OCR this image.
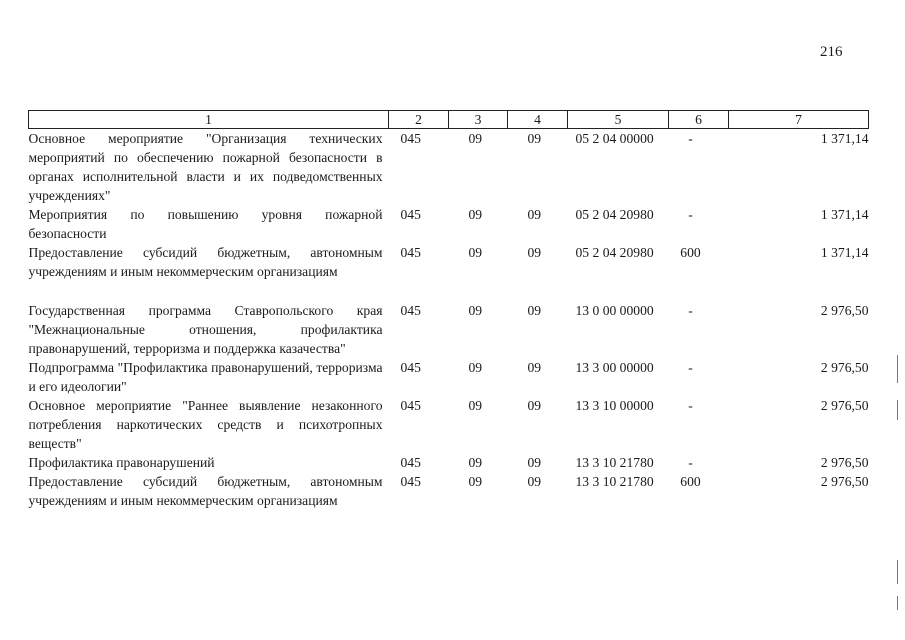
216
1	2	3	4	5	6	7
Основное мероприятие "Организация технических мероприятий по обеспечению пожарной безопасности в органах исполнительной власти и их подведомственных учреждениях"	045	09	09	05 2 04 00000	-	1 371,14
Мероприятия по повышению уровня пожарной безопасности	045	09	09	05 2 04 20980	-	1 371,14
Предоставление субсидий бюджетным, автономным учреждениям и иным некоммерческим организациям	045	09	09	05 2 04 20980	600	1 371,14

Государственная программа Ставропольского края "Межнациональные отношения, профилактика правонарушений, терроризма и поддержка казачества"	045	09	09	13 0 00 00000	-	2 976,50
Подпрограмма "Профилактика правонарушений, терроризма и его идеологии"	045	09	09	13 3 00 00000	-	2 976,50
Основное мероприятие "Раннее выявление незаконного потребления наркотических средств и психотропных веществ"	045	09	09	13 3 10 00000	-	2 976,50
Профилактика правонарушений	045	09	09	13 3 10 21780	-	2 976,50
Предоставление субсидий бюджетным, автономным учреждениям и иным некоммерческим организациям	045	09	09	13 3 10 21780	600	2 976,50
